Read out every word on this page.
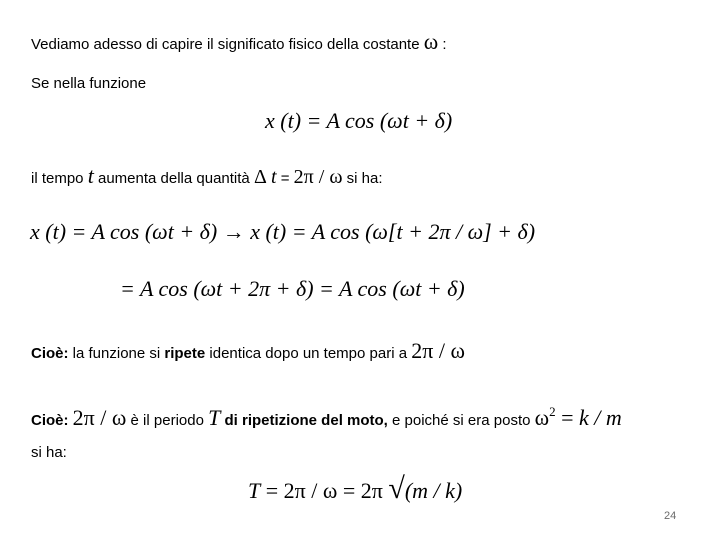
Vediamo adesso di capire il significato fisico della costante ω :
Se nella funzione
x (t) = A cos (ωt + δ)
il tempo t aumenta della quantità Δ t = 2π / ω si ha:
x (t) = A cos (ωt + δ) → x (t) = A cos (ω[t + 2π / ω] + δ)
= A cos (ωt + 2π + δ) = A cos (ωt + δ)
Cioè: la funzione si ripete identica dopo un tempo pari a 2π / ω
Cioè: 2π / ω è il periodo T di ripetizione del moto, e poiché si era posto $\omega^2 = k / m$
si ha:
T = 2π / ω = 2π √(m / k)
24
